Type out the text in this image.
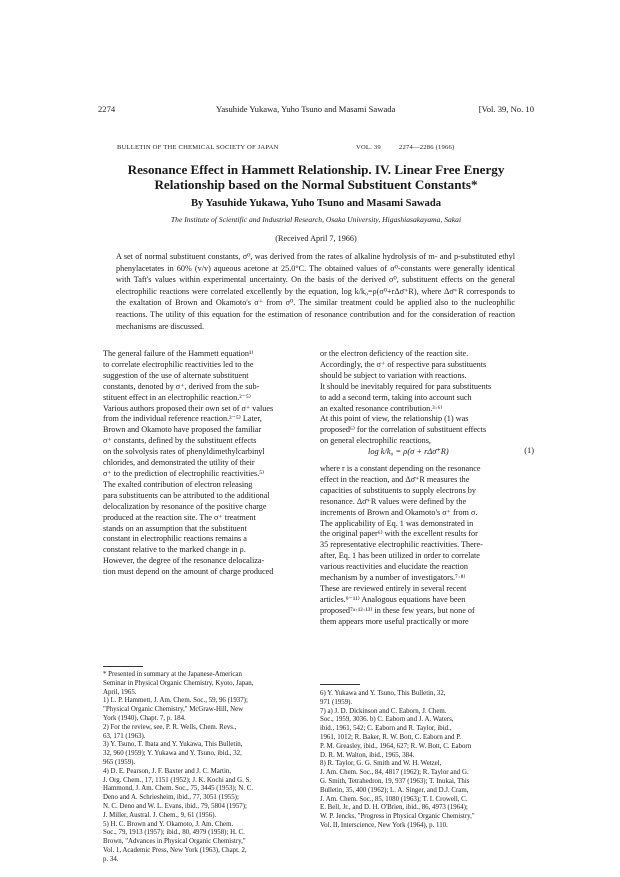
2274	Yasuhide Yukawa, Yuho Tsuno and Masami Sawada	[Vol. 39, No. 10
BULLETIN OF THE CHEMICAL SOCIETY OF JAPAN	VOL. 39	2274—2286 (1966)
Resonance Effect in Hammett Relationship. IV. Linear Free Energy
Relationship based on the Normal Substituent Constants*
By Yasuhide Yukawa, Yuho Tsuno and Masami Sawada
The Institute of Scientific and Industrial Research, Osaka University, Higashiasakayama, Sakai
(Received April 7, 1966)
A set of normal substituent constants, σ⁰, was derived from the rates of alkaline hydrolysis of m- and p-substituted ethyl phenylacetates in 60% (v/v) aqueous acetone at 25.0°C. The obtained values of σ⁰-constants were generally identical with Taft's values within experimental uncertainty. On the basis of the derived σ⁰, substituent effects on the general electrophilic reactions were correlated excellently by the equation, log k/k₀=ρ(σ⁰+rΔσ̄⁺R), where Δσ̄⁺R corresponds to the exaltation of Brown and Okamoto's σ⁺ from σ⁰. The similar treatment could be applied also to the nucleophilic reactions. The utility of this equation for the estimation of resonance contribution and for the consideration of reaction mechanisms are discussed.
The general failure of the Hammett equation¹⁾
to correlate electrophilic reactivities led to the
suggestion of the use of alternate substituent
constants, denoted by σ⁺, derived from the sub-
stituent effect in an electrophilic reaction.²⁻⁵⁾
Various authors proposed their own set of σ⁺ values
from the individual reference reaction.³⁻⁵⁾ Later,
Brown and Okamoto have proposed the familiar
σ⁺ constants, defined by the substituent effects
on the solvolysis rates of phenyldimethylcarbinyl
chlorides, and demonstrated the utility of their
σ⁺ to the prediction of electrophilic reactivities.⁵⁾
The exalted contribution of electron releasing
para substituents can be attributed to the additional
delocalization by resonance of the positive charge
produced at the reaction site. The σ⁺ treatment
stands on an assumption that the substituent
constant in electrophilic reactions remains a
constant relative to the marked change in ρ.
However, the degree of the resonance delocaliza-
tion must depend on the amount of charge produced
or the electron deficiency of the reaction site.
Accordingly, the σ⁺ of respective para substituents
should be subject to variation with reactions.
It should be inevitably required for para substituents
to add a second term, taking into account such
an exalted resonance contribution.³·⁶⁾
At this point of view, the relationship (1) was
proposed⁶⁾ for the correlation of substituent effects
on general electrophilic reactions,
log k/k₀ = ρ(σ + rΔσ̄⁺R)	(1)
where r is a constant depending on the resonance
effect in the reaction, and Δσ̄⁺R measures the
capacities of substituents to supply electrons by
resonance. Δσ̄⁺R values were defined by the
increments of Brown and Okamoto's σ⁺ from σ.
The applicability of Eq. 1 was demonstrated in
the original paper⁶⁾ with the excellent results for
35 representative electrophilic reactivities. There-
after, Eq. 1 has been utilized in order to correlate
various reactivities and elucidate the reaction
mechanism by a number of investigators.⁷·⁸⁾
These are reviewed entirely in several recent
articles.⁹⁻¹¹⁾ Analogous equations have been
proposed⁷ᵃ·¹²·¹³⁾ in these few years, but none of
them appears more useful practically or more
* Presented in summary at the Japanese-American
Seminar in Physical Organic Chemistry, Kyoto, Japan,
April, 1965.
1) L. P. Hammett, J. Am. Chem. Soc., 59, 96 (1937);
"Physical Organic Chemistry," McGraw-Hill, New
York (1940), Chapt. 7, p. 184.
2) For the review, see, P. R. Wells, Chem. Revs.,
63, 171 (1963).
3) Y. Tsuno, T. Ibata and Y. Yukawa, This Bulletin,
32, 960 (1959); Y. Yukawa and Y. Tsuno, ibid., 32,
965 (1959).
4) D. E. Pearson, J. F. Baxter and J. C. Martin,
J. Org. Chem., 17, 1151 (1952); J. K. Kochi and G. S.
Hammond, J. Am. Chem. Soc., 75, 3445 (1953); N. C.
Deno and A. Schriesheim, ibid., 77, 3051 (1955);
N. C. Deno and W. L. Evans, ibid., 79, 5804 (1957);
J. Miller, Austral. J. Chem., 9, 61 (1956).
5) H. C. Brown and Y. Okamoto, J. Am. Chem.
Soc., 79, 1913 (1957); ibid., 80, 4979 (1958); H. C.
Brown, "Advances in Physical Organic Chemistry,"
Vol. 1, Academic Press, New York (1963), Chapt. 2,
p. 34.
6) Y. Yukawa and Y. Tsuno, This Bulletin, 32,
971 (1959).
7) a) J. D. Dickinson and C. Eaborn, J. Chem.
Soc., 1959, 3036. b) C. Eaborn and J. A. Waters,
ibid., 1961, 542; C. Eaborn and R. Taylor, ibid.,
1961, 1012; R. Baker, R. W. Bott, C. Eaborn and P.
P. M. Greasley, ibid., 1964, 627; R. W. Bott, C. Eaborn
D. R. M. Walton, ibid., 1965, 384.
8) R. Taylor, G. G. Smith and W. H. Wetzel,
J. Am. Chem. Soc., 84, 4817 (1962); R. Taylor and G.
G. Smith, Tetrahedron, 19, 937 (1963); T. Inukai, This
Bulletin, 35, 400 (1962); L. A. Singer, and D.J. Cram,
J. Am. Chem. Soc., 85, 1080 (1963); T. I. Crowell, C.
E. Bell, Jr., and D. H. O'Brien, ibid., 86, 4973 (1964);
W. P. Jencks, "Progress in Physical Organic Chemistry,"
Vol. II, Interscience, New York (1964), p. 110.
